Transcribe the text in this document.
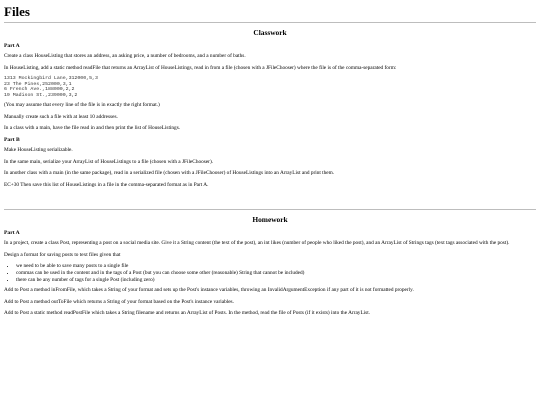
Files
Classwork
Part A

Create a class HouseListing that stores an address, an asking price, a number of bedrooms, and a number of baths.

In HouseListing, add a static method readFile that returns an ArrayList of HouseListings, read in from a file (chosen with a JFileChooser) where the file is of the comma-separated form:

1313 Mockingbird Lane,312000,5,3
23 The Pines,252000,3,1
6 French Ave.,188000,2,2
19 Madison St.,239000,3,2

(You may assume that every line of the file is in exactly the right format.)

Manually create such a file with at least 10 addresses.

In a class with a main, have the file read in and then print the list of HouseListings.

Part B

Make HouseListing serializable.

In the same main, serialize your ArrayList of HouseListings to a file (chosen with a JFileChooser).

In another class with a main (in the same package), read in a serialized file (chosen with a JFileChooser) of HouseListings into an ArrayList and print them.

EC+30 Then save this list of HouseListings in a file in the comma-separated format as in Part A.

Homework
Part A

In a project, create a class Post, representing a post on a social media site. Give it a String content (the text of the post), an int likes (number of people who liked the post), and an ArrayList of Strings tags (text tags associated with the post).

Design a format for saving posts to text files given that

• we need to be able to save many posts to a single file
• commas can be used in the content and in the tags of a Post (but you can choose some other (reasonable) String that cannot be included)
• there can be any number of tags for a single Post (including zero)

Add to Post a method inFromFile, which takes a String of your format and sets up the Post's instance variables, throwing an InvalidArgumentException if any part of it is not formatted properly.

Add to Post a method outToFile which returns a String of your format based on the Post's instance variables.

Add to Post a static method readPostFile which takes a String filename and returns an ArrayList of Posts. In the method, read the file of Posts (if it exists) into the ArrayList.
